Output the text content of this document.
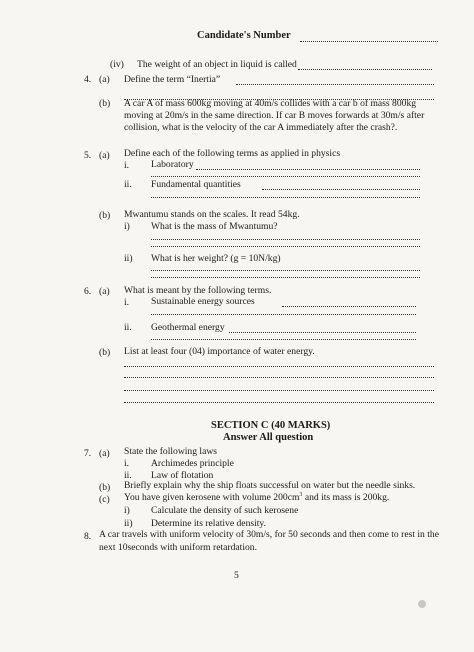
Candidate's Number
(iv) The weight of an object in liquid is called
4. (a) Define the term “Inertia”
(b) A car A of mass 600kg moving at 40m/s collides with a car b of mass 800kg
moving at 20m/s in the same direction. If car B moves forwards at 30m/s after
collision, what is the velocity of the car A immediately after the crash?.
5. (a) Define each of the following terms as applied in physics
i. Laboratory
ii. Fundamental quantities
(b) Mwantumu stands on the scales. It read 54kg.
i) What is the mass of Mwantumu?
ii) What is her weight? (g = 10N/kg)
6. (a) What is meant by the following terms.
i. Sustainable energy sources
ii. Geothermal energy
(b) List at least four (04) importance of water energy.
SECTION C (40 MARKS)
Answer All question
7. (a) State the following laws
i. Archimedes principle
ii. Law of flotation
(b) Briefly explain why the ship floats successful on water but the needle sinks.
(c) You have given kerosene with volume $200cm^3$ and its mass is 200kg.
i) Calculate the density of such kerosene
ii) Determine its relative density.
8. A car travels with uniform velocity of 30m/s, for 50 seconds and then come to rest in the
next 10seconds with uniform retardation.
5
